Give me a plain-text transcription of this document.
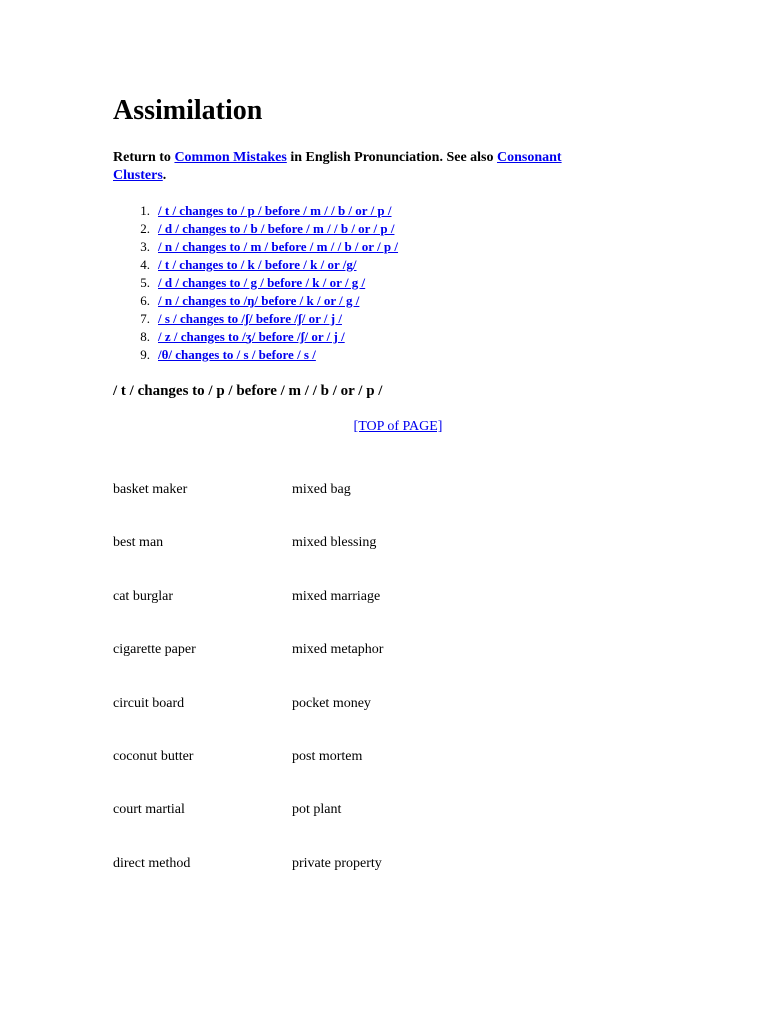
Assimilation
Return to Common Mistakes in English Pronunciation. See also Consonant Clusters.
1. / t / changes to / p / before / m / / b / or / p /
2. / d / changes to / b / before / m / / b / or / p /
3. / n / changes to / m / before / m / / b / or / p /
4. / t / changes to / k / before / k / or /g/
5. / d / changes to / g / before / k / or / g /
6. / n / changes to /ŋ/ before / k / or / g /
7. / s / changes to /ʃ/ before /ʃ/ or / j /
8. / z / changes to /ʒ/ before /ʃ/ or / j /
9. /θ/ changes to / s / before / s /
/ t / changes to / p / before / m / / b / or / p /
[TOP of PAGE]
basket maker	mixed bag
best man	mixed blessing
cat burglar	mixed marriage
cigarette paper	mixed metaphor
circuit board	pocket money
coconut butter	post mortem
court martial	pot plant
direct method	private property
